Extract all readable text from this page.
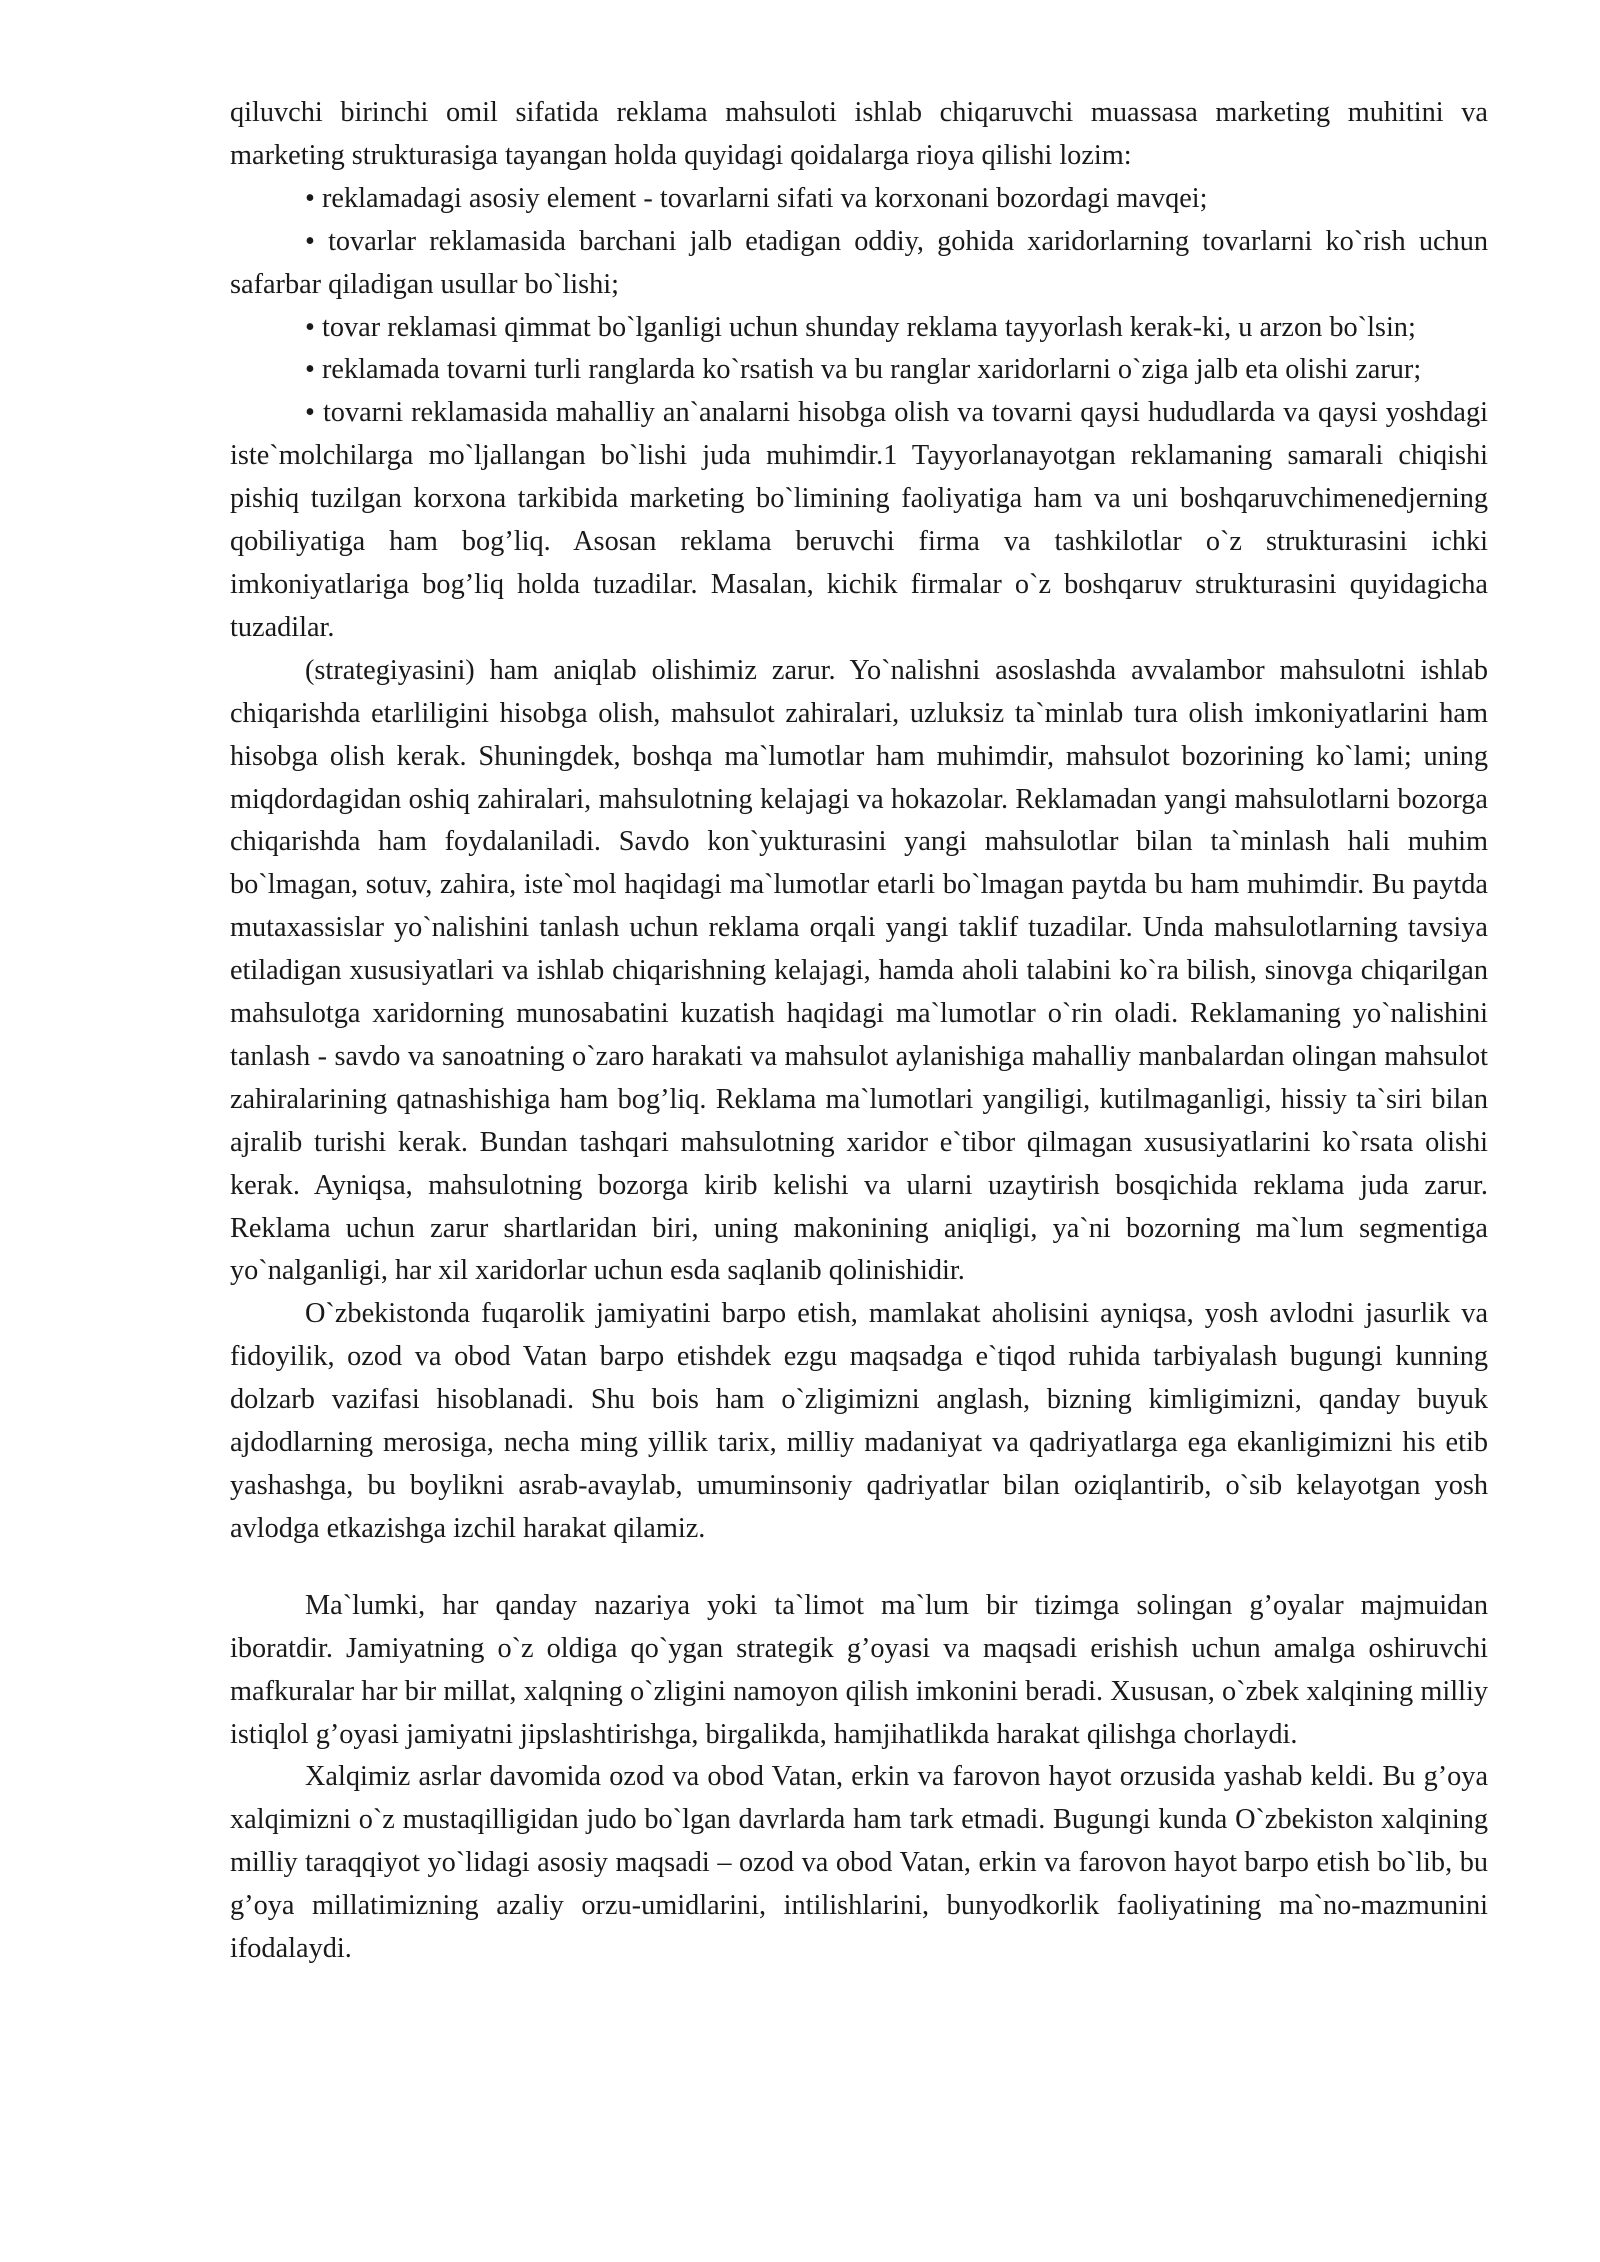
qiluvchi birinchi omil sifatida reklama mahsuloti ishlab chiqaruvchi muassasa marketing muhitini va marketing strukturasiga tayangan holda quyidagi qoidalarga rioya qilishi lozim:

• reklamadagi asosiy element - tovarlarni sifati va korxonani bozordagi mavqei;

• tovarlar reklamasida barchani jalb etadigan oddiy, gohida xaridorlarning tovarlarni ko`rish uchun safarbar qiladigan usullar bo`lishi;

• tovar reklamasi qimmat bo`lganligi uchun shunday reklama tayyorlash kerak-ki, u arzon bo`lsin;

• reklamada tovarni turli ranglarda ko`rsatish va bu ranglar xaridorlarni o`ziga jalb eta olishi zarur;

• tovarni reklamasida mahalliy an`analarni hisobga olish va tovarni qaysi hududlarda va qaysi yoshdagi iste`molchilarga mo`ljallangan bo`lishi juda muhimdir.1 Tayyorlanayotgan reklamaning samarali chiqishi pishiq tuzilgan korxona tarkibida marketing bo`limining faoliyatiga ham va uni boshqaruvchimenedjerning qobiliyatiga ham bog’liq. Asosan reklama beruvchi firma va tashkilotlar o`z strukturasini ichki imkoniyatlariga bog’liq holda tuzadilar. Masalan, kichik firmalar o`z boshqaruv strukturasini quyidagicha tuzadilar.

(strategiyasini) ham aniqlab olishimiz zarur. Yo`nalishni asoslashda avvalambor mahsulotni ishlab chiqarishda etarliligini hisobga olish, mahsulot zahiralari, uzluksiz ta`minlab tura olish imkoniyatlarini ham hisobga olish kerak. Shuningdek, boshqa ma`lumotlar ham muhimdir, mahsulot bozorining ko`lami; uning miqdordagidan oshiq zahiralari, mahsulotning kelajagi va hokazolar. Reklamadan yangi mahsulotlarni bozorga chiqarishda ham foydalaniladi. Savdo kon`yukturasini yangi mahsulotlar bilan ta`minlash hali muhim bo`lmagan, sotuv, zahira, iste`mol haqidagi ma`lumotlar etarli bo`lmagan paytda bu ham muhimdir. Bu paytda mutaxassislar yo`nalishini tanlash uchun reklama orqali yangi taklif tuzadilar. Unda mahsulotlarning tavsiya etiladigan xususiyatlari va ishlab chiqarishning kelajagi, hamda aholi talabini ko`ra bilish, sinovga chiqarilgan mahsulotga xaridorning munosabatini kuzatish haqidagi ma`lumotlar o`rin oladi. Reklamaning yo`nalishini tanlash - savdo va sanoatning o`zaro harakati va mahsulot aylanishiga mahalliy manbalardan olingan mahsulot zahiralarining qatnashishiga ham bog’liq. Reklama ma`lumotlari yangiligi, kutilmaganligi, hissiy ta`siri bilan ajralib turishi kerak. Bundan tashqari mahsulotning xaridor e`tibor qilmagan xususiyatlarini ko`rsata olishi kerak. Ayniqsa, mahsulotning bozorga kirib kelishi va ularni uzaytirish bosqichida reklama juda zarur. Reklama uchun zarur shartlaridan biri, uning makonining aniqligi, ya`ni bozorning ma`lum segmentiga yo`nalganligi, har xil xaridorlar uchun esda saqlanib qolinishidir.

O`zbekistonda fuqarolik jamiyatini barpo etish, mamlakat aholisini ayniqsa, yosh avlodni jasurlik va fidoyilik, ozod va obod Vatan barpo etishdek ezgu maqsadga e`tiqod ruhida tarbiyalash bugungi kunning dolzarb vazifasi hisoblanadi. Shu bois ham o`zligimizni anglash, bizning kimligimizni, qanday buyuk ajdodlarning merosiga, necha ming yillik tarix, milliy madaniyat va qadriyatlarga ega ekanligimizni his etib yashashga, bu boylikni asrab-avaylab, umuminsoniy qadriyatlar bilan oziqlantirib, o`sib kelayotgan yosh avlodga etkazishga izchil harakat qilamiz.

Ma`lumki, har qanday nazariya yoki ta`limot ma`lum bir tizimga solingan g’oyalar majmuidan iboratdir. Jamiyatning o`z oldiga qo`ygan strategik g’oyasi va maqsadi erishish uchun amalga oshiruvchi mafkuralar har bir millat, xalqning o`zligini namoyon qilish imkonini beradi. Xususan, o`zbek xalqining milliy istiqlol g’oyasi jamiyatni jipslashtirishga, birgalikda, hamjihatlikda harakat qilishga chorlaydi.

Xalqimiz asrlar davomida ozod va obod Vatan, erkin va farovon hayot orzusida yashab keldi. Bu g’oya xalqimizni o`z mustaqilligidan judo bo`lgan davrlarda ham tark etmadi. Bugungi kunda O`zbekiston xalqining milliy taraqqiyot yo`lidagi asosiy maqsadi – ozod va obod Vatan, erkin va farovon hayot barpo etish bo`lib, bu g’oya millatimizning azaliy orzu-umidlarini, intilishlarini, bunyodkorlik faoliyatining ma`no-mazmunini ifodalaydi.
